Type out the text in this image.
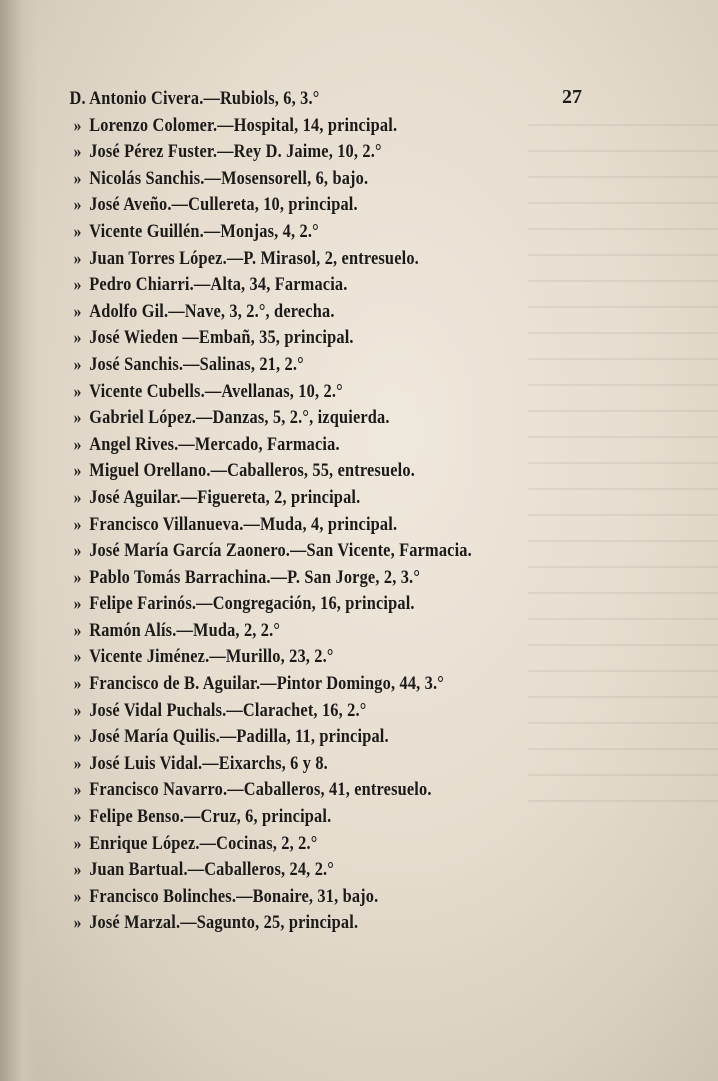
27
D. Antonio Civera.—Rubiols, 6, 3.°
» Lorenzo Colomer.—Hospital, 14, principal.
» José Pérez Fuster.—Rey D. Jaime, 10, 2.°
» Nicolás Sanchis.—Mosensorell, 6, bajo.
» José Aveño.—Cullereta, 10, principal.
» Vicente Guillén.—Monjas, 4, 2.°
» Juan Torres López.—P. Mirasol, 2, entresuelo.
» Pedro Chiarri.—Alta, 34, Farmacia.
» Adolfo Gil.—Nave, 3, 2.°, derecha.
» José Wieden —Embañ, 35, principal.
» José Sanchis.—Salinas, 21, 2.°
» Vicente Cubells.—Avellanas, 10, 2.°
» Gabriel López.—Danzas, 5, 2.°, izquierda.
» Angel Rives.—Mercado, Farmacia.
» Miguel Orellano.—Caballeros, 55, entresuelo.
» José Aguilar.—Figuereta, 2, principal.
» Francisco Villanueva.—Muda, 4, principal.
» José María García Zaonero.—San Vicente, Farmacia.
» Pablo Tomás Barrachina.—P. San Jorge, 2, 3.°
» Felipe Farinós.—Congregación, 16, principal.
» Ramón Alís.—Muda, 2, 2.°
» Vicente Jiménez.—Murillo, 23, 2.°
» Francisco de B. Aguilar.—Pintor Domingo, 44, 3.°
» José Vidal Puchals.—Clarachet, 16, 2.°
» José María Quilis.—Padilla, 11, principal.
» José Luis Vidal.—Eixarchs, 6 y 8.
» Francisco Navarro.—Caballeros, 41, entresuelo.
» Felipe Benso.—Cruz, 6, principal.
» Enrique López.—Cocinas, 2, 2.°
» Juan Bartual.—Caballeros, 24, 2.°
» Francisco Bolinches.—Bonaire, 31, bajo.
» José Marzal.—Sagunto, 25, principal.
